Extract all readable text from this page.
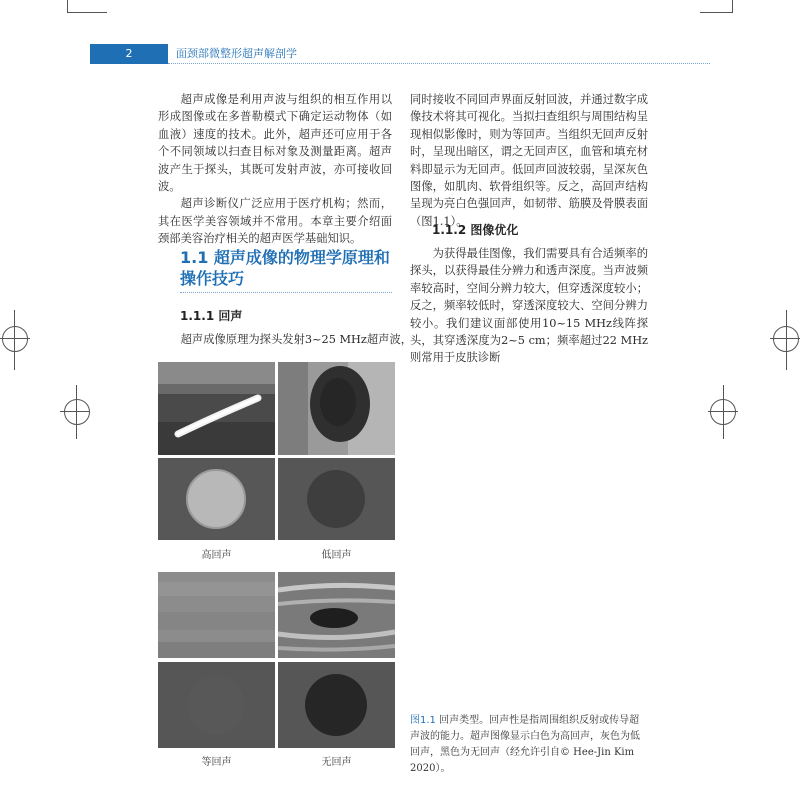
2	面颈部微整形超声解剖学

超声成像是利用声波与组织的相互作用以形成图像或在多普勒模式下确定运动物体（如血液）速度的技术。此外，超声还可应用于各个不同领域以扫查目标对象及测量距离。超声波产生于探头，其既可发射声波，亦可接收回波。

超声诊断仪广泛应用于医疗机构；然而，其在医学美容领域并不常用。本章主要介绍面颈部美容治疗相关的超声医学基础知识。

1.1 超声成像的物理学原理和操作技巧
1.1.1 回声

超声成像原理为探头发射3~25 MHz超声波，

同时接收不同回声界面反射回波，并通过数字成像技术将其可视化。当拟扫查组织与周围结构呈现相似影像时，则为等回声。当组织无回声反射时，呈现出暗区，谓之无回声区，血管和填充材料即显示为无回声。低回声回波较弱，呈深灰色图像，如肌肉、软骨组织等。反之，高回声结构呈现为亮白色强回声，如韧带、筋膜及骨膜表面（图1.1）。

1.1.2 图像优化

为获得最佳图像，我们需要具有合适频率的探头，以获得最佳分辨力和透声深度。当声波频率较高时，空间分辨力较大，但穿透深度较小；反之，频率较低时，穿透深度较大、空间分辨力较小。我们建议面部使用10~15 MHz线阵探头，其穿透深度为2~5 cm；频率超过22 MHz则常用于皮肤诊断

高回声	低回声
等回声	无回声
图1.1 回声类型。回声性是指周围组织反射或传导超声波的能力。超声图像显示白色为高回声，灰色为低回声，黑色为无回声（经允许引自© Hee-Jin Kim 2020）。
